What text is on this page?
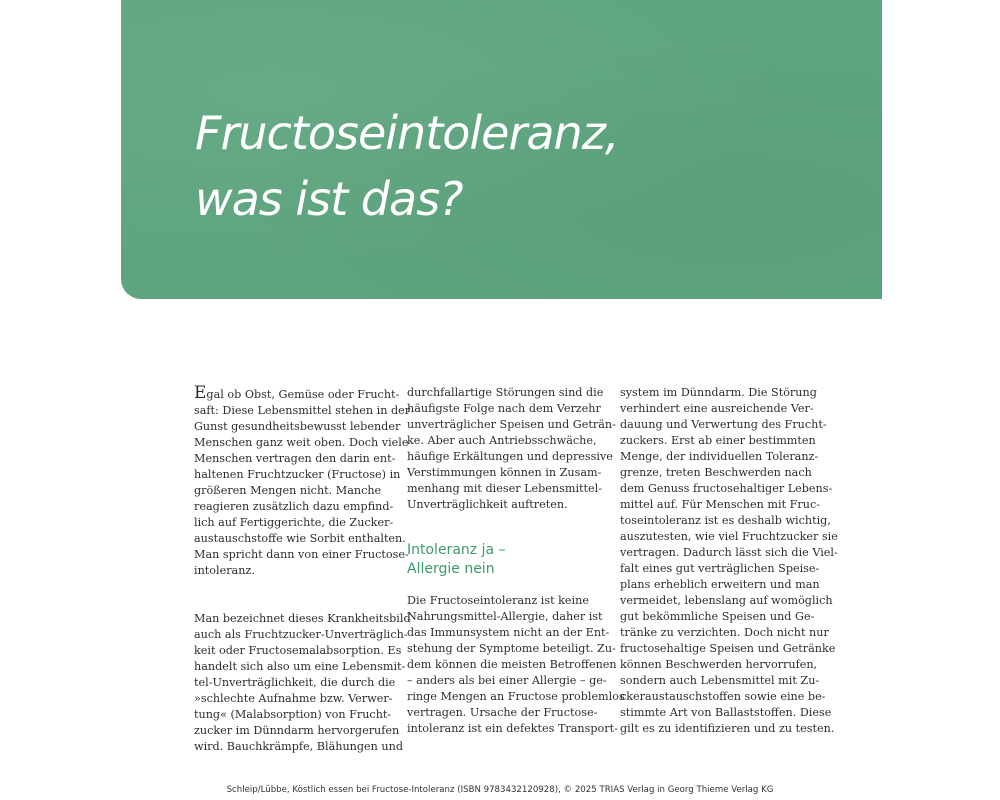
Fructoseintoleranz,
was ist das?

Egal ob Obst, Gemüse oder Frucht-
saft: Diese Lebensmittel stehen in der
Gunst gesundheitsbewusst lebender
Menschen ganz weit oben. Doch viele
Menschen vertragen den darin ent-
haltenen Fruchtzucker (Fructose) in
größeren Mengen nicht. Manche
reagieren zusätzlich dazu empfind-
lich auf Fertiggerichte, die Zucker-
austauschstoffe wie Sorbit enthalten.
Man spricht dann von einer Fructose-
intoleranz.

Man bezeichnet dieses Krankheitsbild
auch als Fruchtzucker-Unverträglich-
keit oder Fructosemalabsorption. Es
handelt sich also um eine Lebensmit-
tel-Unverträglichkeit, die durch die
»schlechte Aufnahme bzw. Verwer-
tung« (Malabsorption) von Frucht-
zucker im Dünndarm hervorgerufen
wird. Bauchkrämpfe, Blähungen und

durchfallartige Störungen sind die
häufigste Folge nach dem Verzehr
unverträglicher Speisen und Geträn-
ke. Aber auch Antriebsschwäche,
häufige Erkältungen und depressive
Verstimmungen können in Zusam-
menhang mit dieser Lebensmittel-
Unverträglichkeit auftreten.

Intoleranz ja –
Allergie nein

Die Fructoseintoleranz ist keine
Nahrungsmittel-Allergie, daher ist
das Immunsystem nicht an der Ent-
stehung der Symptome beteiligt. Zu-
dem können die meisten Betroffenen
– anders als bei einer Allergie – ge-
ringe Mengen an Fructose problemlos
vertragen. Ursache der Fructose-
intoleranz ist ein defektes Transport-

system im Dünndarm. Die Störung
verhindert eine ausreichende Ver-
dauung und Verwertung des Frucht-
zuckers. Erst ab einer bestimmten
Menge, der individuellen Toleranz-
grenze, treten Beschwerden nach
dem Genuss fructosehaltiger Lebens-
mittel auf. Für Menschen mit Fruc-
toseintoleranz ist es deshalb wichtig,
auszutesten, wie viel Fruchtzucker sie
vertragen. Dadurch lässt sich die Viel-
falt eines gut verträglichen Speise-
plans erheblich erweitern und man
vermeidet, lebenslang auf womöglich
gut bekömmliche Speisen und Ge-
tränke zu verzichten. Doch nicht nur
fructosehaltige Speisen und Getränke
können Beschwerden hervorrufen,
sondern auch Lebensmittel mit Zu-
ckeraustauschstoffen sowie eine be-
stimmte Art von Ballaststoffen. Diese
gilt es zu identifizieren und zu testen.

Schleip/Lübbe, Köstlich essen bei Fructose-Intoleranz (ISBN 9783432120928), © 2025 TRIAS Verlag in Georg Thieme Verlag KG
